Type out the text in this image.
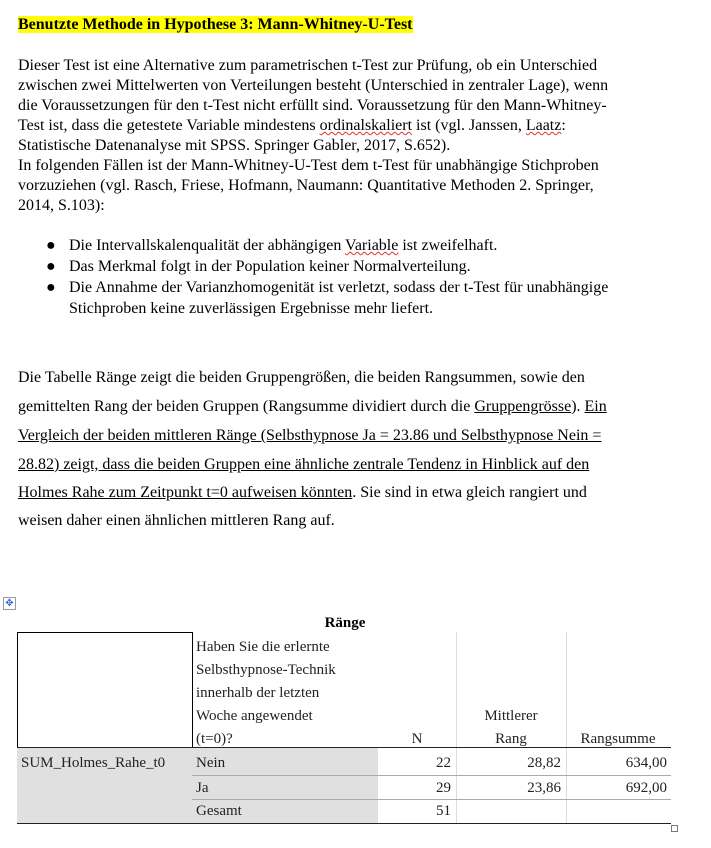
Benutzte Methode in Hypothese 3: Mann-Whitney-U-Test
Dieser Test ist eine Alternative zum parametrischen t-Test zur Prüfung, ob ein Unterschied
zwischen zwei Mittelwerten von Verteilungen besteht (Unterschied in zentraler Lage), wenn
die Voraussetzungen für den t-Test nicht erfüllt sind. Voraussetzung für den Mann-Whitney-
Test ist, dass die getestete Variable mindestens ordinalskaliert ist (vgl. Janssen, Laatz:
Statistische Datenanalyse mit SPSS. Springer Gabler, 2017, S.652).
In folgenden Fällen ist der Mann-Whitney-U-Test dem t-Test für unabhängige Stichproben
vorzuziehen (vgl. Rasch, Friese, Hofmann, Naumann: Quantitative Methoden 2. Springer,
2014, S.103):
● Die Intervallskalenqualität der abhängigen Variable ist zweifelhaft.
● Das Merkmal folgt in der Population keiner Normalverteilung.
● Die Annahme der Varianzhomogenität ist verletzt, sodass der t-Test für unabhängige
Stichproben keine zuverlässigen Ergebnisse mehr liefert.
Die Tabelle Ränge zeigt die beiden Gruppengrößen, die beiden Rangsummen, sowie den
gemittelten Rang der beiden Gruppen (Rangsumme dividiert durch die Gruppengrösse). Ein
Vergleich der beiden mittleren Ränge (Selbsthypnose Ja = 23.86 und Selbsthypnose Nein =
28.82) zeigt, dass die beiden Gruppen eine ähnliche zentrale Tendenz in Hinblick auf den
Holmes Rahe zum Zeitpunkt t=0 aufweisen könnten. Sie sind in etwa gleich rangiert und
weisen daher einen ähnlichen mittleren Rang auf.
✥
Ränge
Haben Sie die erlernte
Selbsthypnose-Technik
innerhalb der letzten
Woche angewendet
(t=0)?	N
Mittlerer
Rang	Rangsumme
SUM_Holmes_Rahe_t0 Nein	22	28,82	634,00
Ja	29	23,86	692,00
Gesamt	51
